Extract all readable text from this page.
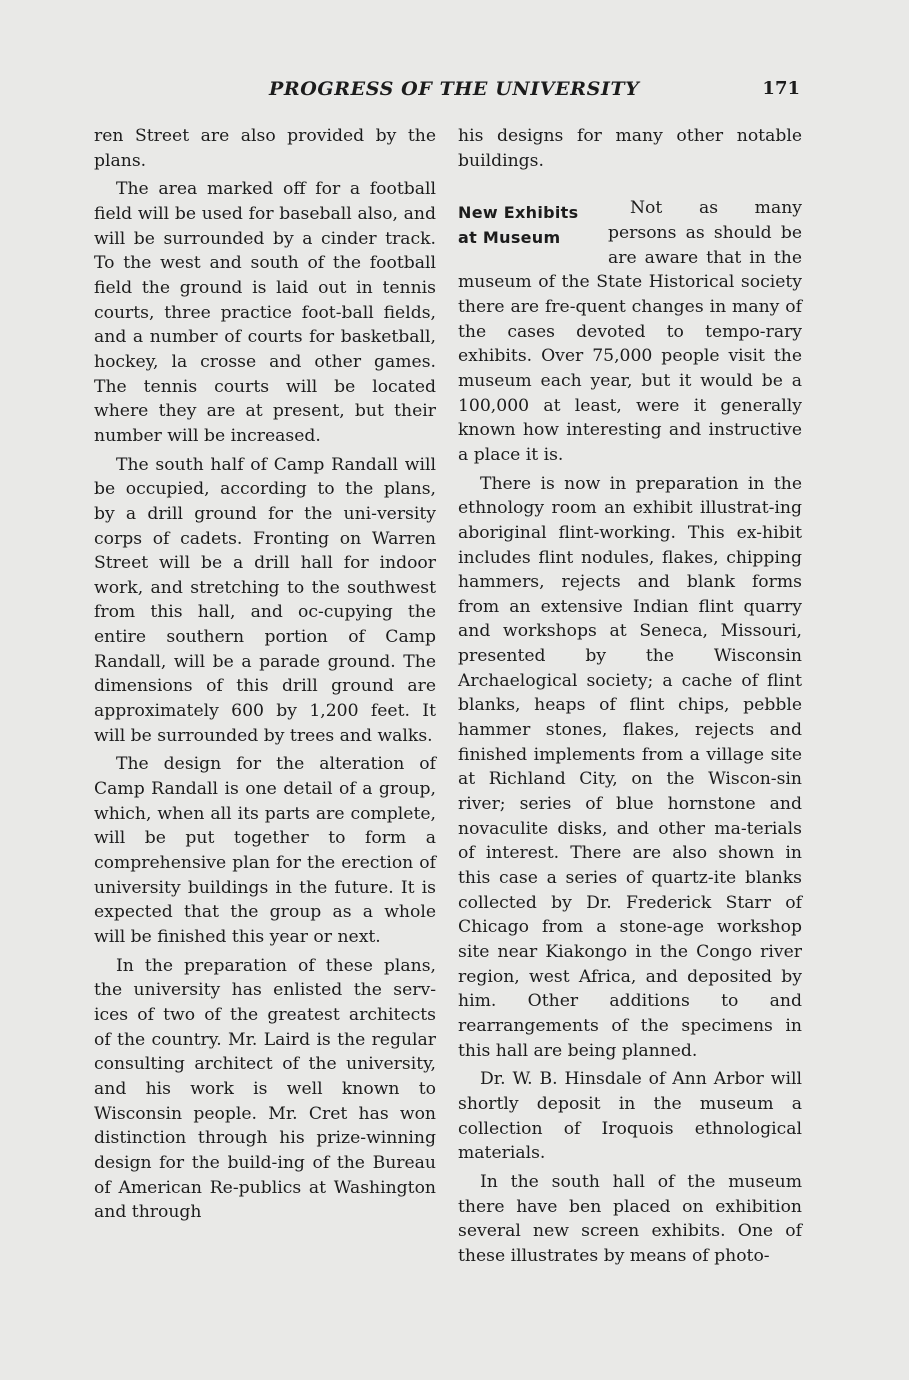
PROGRESS OF THE UNIVERSITY	171

ren Street are also provided by the plans.

The area marked off for a football field will be used for baseball also, and will be surrounded by a cinder track. To the west and south of the football field the ground is laid out in tennis courts, three practice foot-ball fields, and a number of courts for basketball, hockey, la crosse and other games. The tennis courts will be located where they are at present, but their number will be increased.

The south half of Camp Randall will be occupied, according to the plans, by a drill ground for the uni-versity corps of cadets. Fronting on Warren Street will be a drill hall for indoor work, and stretching to the southwest from this hall, and oc-cupying the entire southern portion of Camp Randall, will be a parade ground. The dimensions of this drill ground are approximately 600 by 1,200 feet. It will be surrounded by trees and walks.

The design for the alteration of Camp Randall is one detail of a group, which, when all its parts are complete, will be put together to form a comprehensive plan for the erection of university buildings in the future. It is expected that the group as a whole will be finished this year or next.

In the preparation of these plans, the university has enlisted the serv-ices of two of the greatest architects of the country. Mr. Laird is the regular consulting architect of the university, and his work is well known to Wisconsin people. Mr. Cret has won distinction through his prize-winning design for the build-ing of the Bureau of American Re-publics at Washington and through

his designs for many other notable buildings.

New Exhibits
at Museum

Not as many persons as should be are aware that in the museum of the State Historical society there are fre-quent changes in many of the cases devoted to tempo-rary exhibits. Over 75,000 people visit the museum each year, but it would be a 100,000 at least, were it generally known how interesting and instructive a place it is.

There is now in preparation in the ethnology room an exhibit illustrat-ing aboriginal flint-working. This ex-hibit includes flint nodules, flakes, chipping hammers, rejects and blank forms from an extensive Indian flint quarry and workshops at Seneca, Missouri, presented by the Wisconsin Archaelogical society; a cache of flint blanks, heaps of flint chips, pebble hammer stones, flakes, rejects and finished implements from a village site at Richland City, on the Wiscon-sin river; series of blue hornstone and novaculite disks, and other ma-terials of interest. There are also shown in this case a series of quartz-ite blanks collected by Dr. Frederick Starr of Chicago from a stone-age workshop site near Kiakongo in the Congo river region, west Africa, and deposited by him. Other additions to and rearrangements of the specimens in this hall are being planned.

Dr. W. B. Hinsdale of Ann Arbor will shortly deposit in the museum a collection of Iroquois ethnological materials.

In the south hall of the museum there have ben placed on exhibition several new screen exhibits. One of these illustrates by means of photo-
